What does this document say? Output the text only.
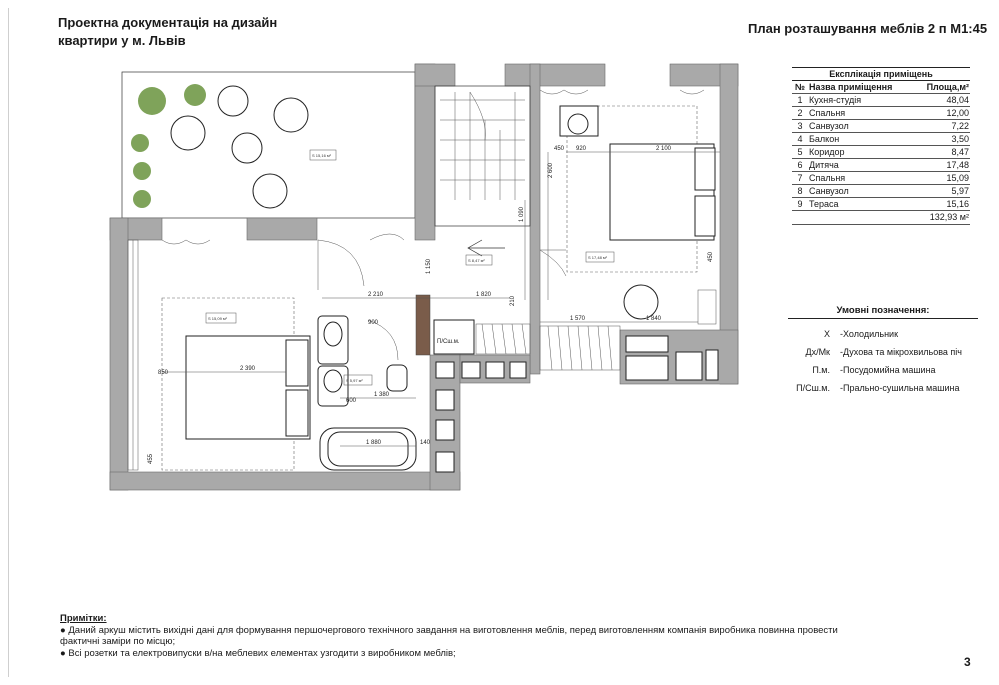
Проектна документація на дизайн
квартири у м. Львів
План розташування меблів 2 п М1:45
S 15,16 м²
S 8,47 м²
S 15,09 м²
S 5,97 м²
П/Сш.м.
S 17,48 м²
2 100
920
450
2 600
450
2 210	1 820
900
2 390
850
1 380
1 880
1 570	1 840
1 090
1 150
210
600
455
140
Експлікація приміщень
№	Назва приміщення	Площа,м²
1	Кухня-студія	48,04
2	Спальня	12,00
3	Санвузол	7,22
4	Балкон	3,50
5	Коридор	8,47
6	Дитяча	17,48
7	Спальня	15,09
8	Санвузол	5,97
9	Тераса	15,16
132,93 м²
Умовні позначення:
Х	-Холодильник
Дх/Мк	-Духова та мікрохвильова піч
П.м.	-Посудомийна машина
П/Сш.м.	-Прально-сушильна машина
Примітки:
● Даний аркуш містить вихідні дані для формування першочергового технічного завдання на виготовлення меблів, перед виготовленням компанія виробника повинна провести
фактичні заміри по місцю;
● Всі розетки та електровипуски в/на меблевих елементах узгодити з виробником меблів;
3
